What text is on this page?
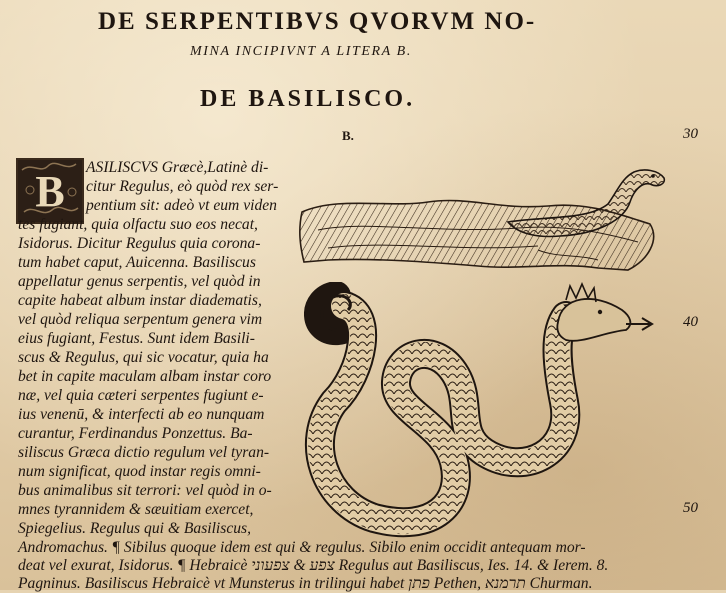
DE SERPENTIBVS QVORVM NO-
MINA INCIPIVNT A LITERA B.
DE BASILISCO.
B.	30
40
50
B ASILISCVS Græcè,Latinè di-
citur Regulus, eò quòd rex ser-
pentium sit: adeò vt eum viden
tes fugiant, quia olfactu suo eos necat,
Isidorus. Dicitur Regulus quia corona-
tum habet caput, Auicenna. Basiliscus
appellatur genus serpentis, vel quòd in
capite habeat album instar diadematis,
vel quòd reliqua serpentum genera vim
eius fugiant, Festus. Sunt idem Basili-
scus & Regulus, qui sic vocatur, quia ha
bet in capite maculam albam instar coro
næ, vel quia cæteri serpentes fugiunt e-
ius venenū, & interfecti ab eo nunquam
curantur, Ferdinandus Ponzettus. Ba-
siliscus Græca dictio regulum vel tyran-
num significat, quod instar regis omni-
bus animalibus sit terrori: vel quòd in o-
mnes tyrannidem & sæuitiam exercet,
Spiegelius. Regulus qui & Basiliscus,
Andromachus. ¶ Sibilus quoque idem est qui & regulus. Sibilo enim occidit antequam mor-
deat vel exurat, Isidorus. ¶ Hebraicè צפע & צפעוני Regulus aut Basiliscus, Ies. 14. & Ierem. 8.
Pagninus. Basiliscus Hebraicè vt Munsterus in trilingui habet פתן Pethen, תרמנא Churman.
